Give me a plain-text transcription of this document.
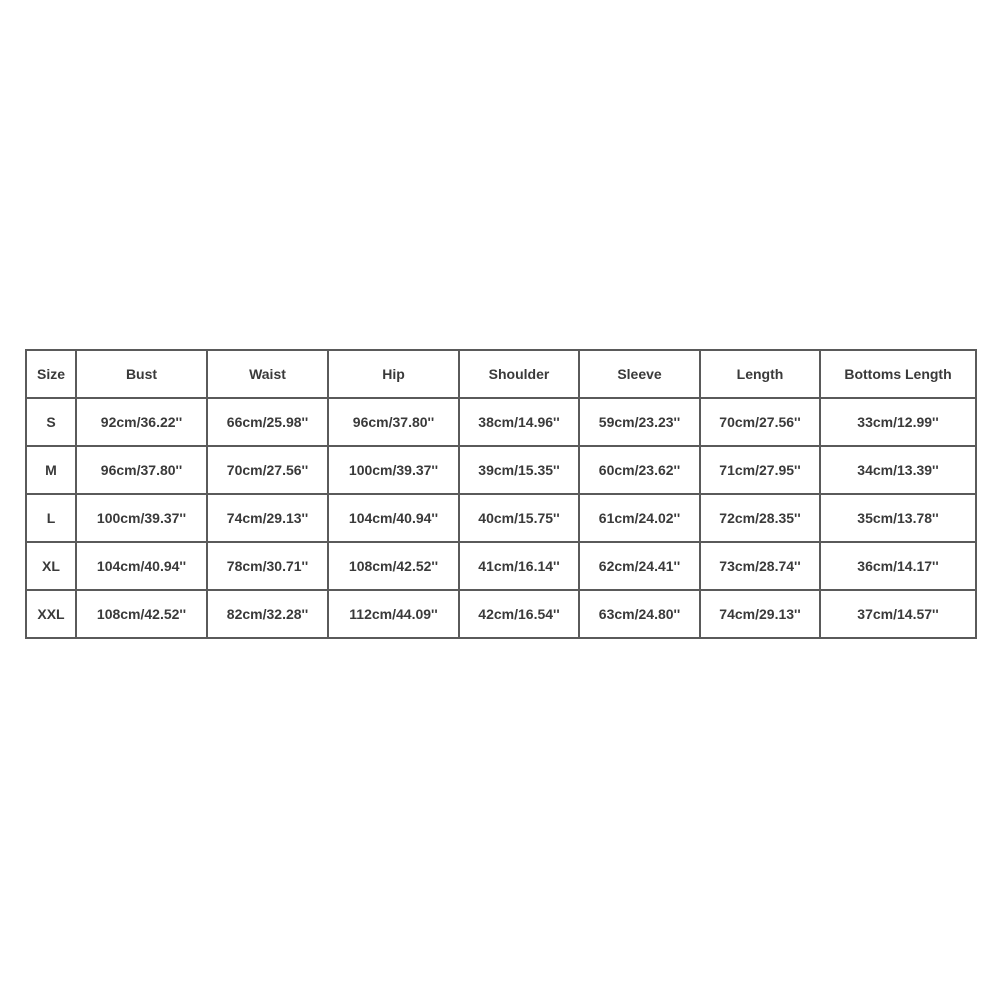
Size	Bust	Waist	Hip	Shoulder	Sleeve	Length	Bottoms Length
S	92cm/36.22''	66cm/25.98''	96cm/37.80''	38cm/14.96''	59cm/23.23''	70cm/27.56''	33cm/12.99''
M	96cm/37.80''	70cm/27.56''	100cm/39.37''	39cm/15.35''	60cm/23.62''	71cm/27.95''	34cm/13.39''
L	100cm/39.37''	74cm/29.13''	104cm/40.94''	40cm/15.75''	61cm/24.02''	72cm/28.35''	35cm/13.78''
XL	104cm/40.94''	78cm/30.71''	108cm/42.52''	41cm/16.14''	62cm/24.41''	73cm/28.74''	36cm/14.17''
XXL	108cm/42.52''	82cm/32.28''	112cm/44.09''	42cm/16.54''	63cm/24.80''	74cm/29.13''	37cm/14.57''
